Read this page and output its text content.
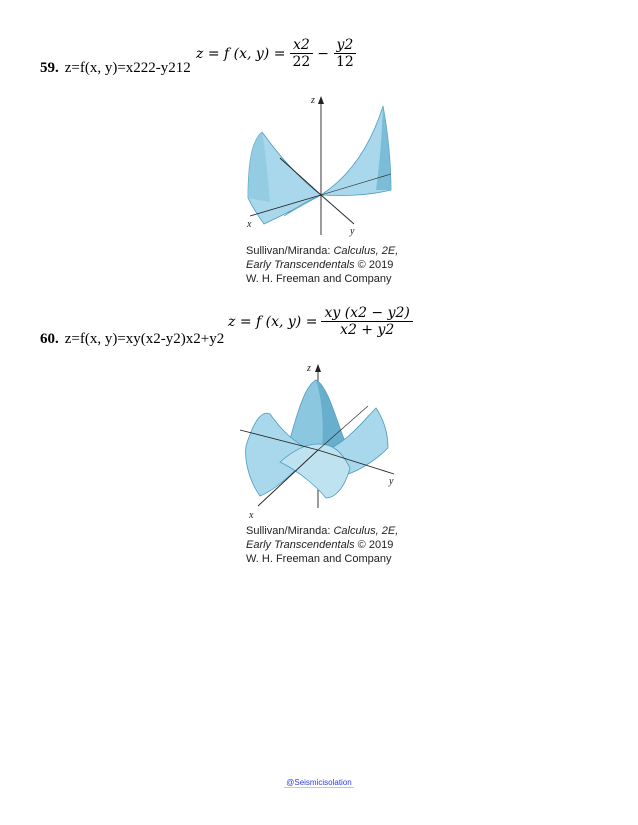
59. z=f(x, y)=x222-y212
z = f (x, $y) = \frac{x2}{22} - \frac{y2}{12}$
z
x
y
Sullivan/Miranda: Calculus, 2E,
Early Transcendentals © 2019
W. H. Freeman and Company
60. z=f(x, y)=xy(x2-y2)x2+y2
z = f (x, $y) = \frac{xy (x2 - y2)}{x2 + y2}$
z
x
y
Sullivan/Miranda: Calculus, 2E,
Early Transcendentals © 2019
W. H. Freeman and Company
@Seismicisolation
